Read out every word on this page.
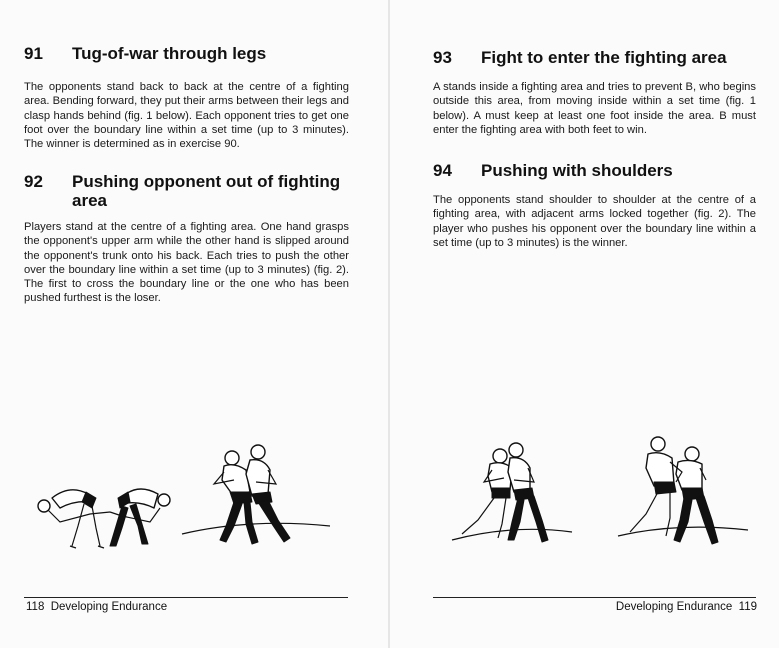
91	Tug-of-war through legs

The opponents stand back to back at the centre of a fighting area. Bending forward, they put their arms between their legs and clasp hands behind (fig. 1 below). Each opponent tries to get one foot over the boundary line within a set time (up to 3 minutes). The winner is determined as in exercise 90.

92	Pushing opponent out of fighting area

Players stand at the centre of a fighting area. One hand grasps the opponent's upper arm while the other hand is slipped around the opponent's trunk onto his back. Each tries to push the other over the boundary line within a set time (up to 3 minutes) (fig. 2). The first to cross the boundary line or the one who has been pushed furthest is the loser.

118 Developing Endurance
93	Fight to enter the fighting area

A stands inside a fighting area and tries to prevent B, who begins outside this area, from moving inside within a set time (fig. 1 below). A must keep at least one foot inside the area. B must enter the fighting area with both feet to win.

94	Pushing with shoulders

The opponents stand shoulder to shoulder at the centre of a fighting area, with adjacent arms locked together (fig. 2). The player who pushes his opponent over the boundary line within a set time (up to 3 minutes) is the winner.

Developing Endurance 119
